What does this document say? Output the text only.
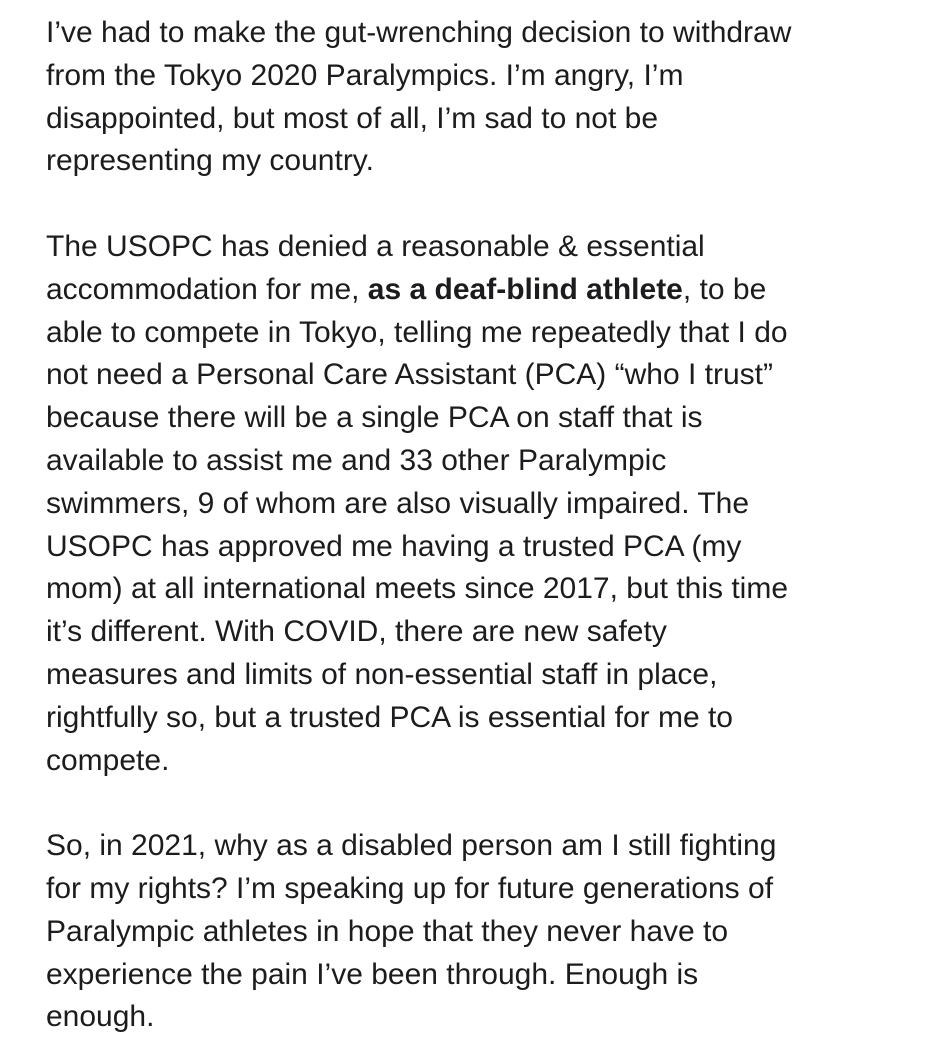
I’ve had to make the gut-wrenching decision to withdraw
from the Tokyo 2020 Paralympics. I’m angry, I’m
disappointed, but most of all, I’m sad to not be
representing my country.

The USOPC has denied a reasonable & essential
accommodation for me, as a deaf-blind athlete, to be
able to compete in Tokyo, telling me repeatedly that I do
not need a Personal Care Assistant (PCA) “who I trust”
because there will be a single PCA on staff that is
available to assist me and 33 other Paralympic
swimmers, 9 of whom are also visually impaired. The
USOPC has approved me having a trusted PCA (my
mom) at all international meets since 2017, but this time
it’s different. With COVID, there are new safety
measures and limits of non-essential staff in place,
rightfully so, but a trusted PCA is essential for me to
compete.

So, in 2021, why as a disabled person am I still fighting
for my rights? I’m speaking up for future generations of
Paralympic athletes in hope that they never have to
experience the pain I’ve been through. Enough is
enough.
